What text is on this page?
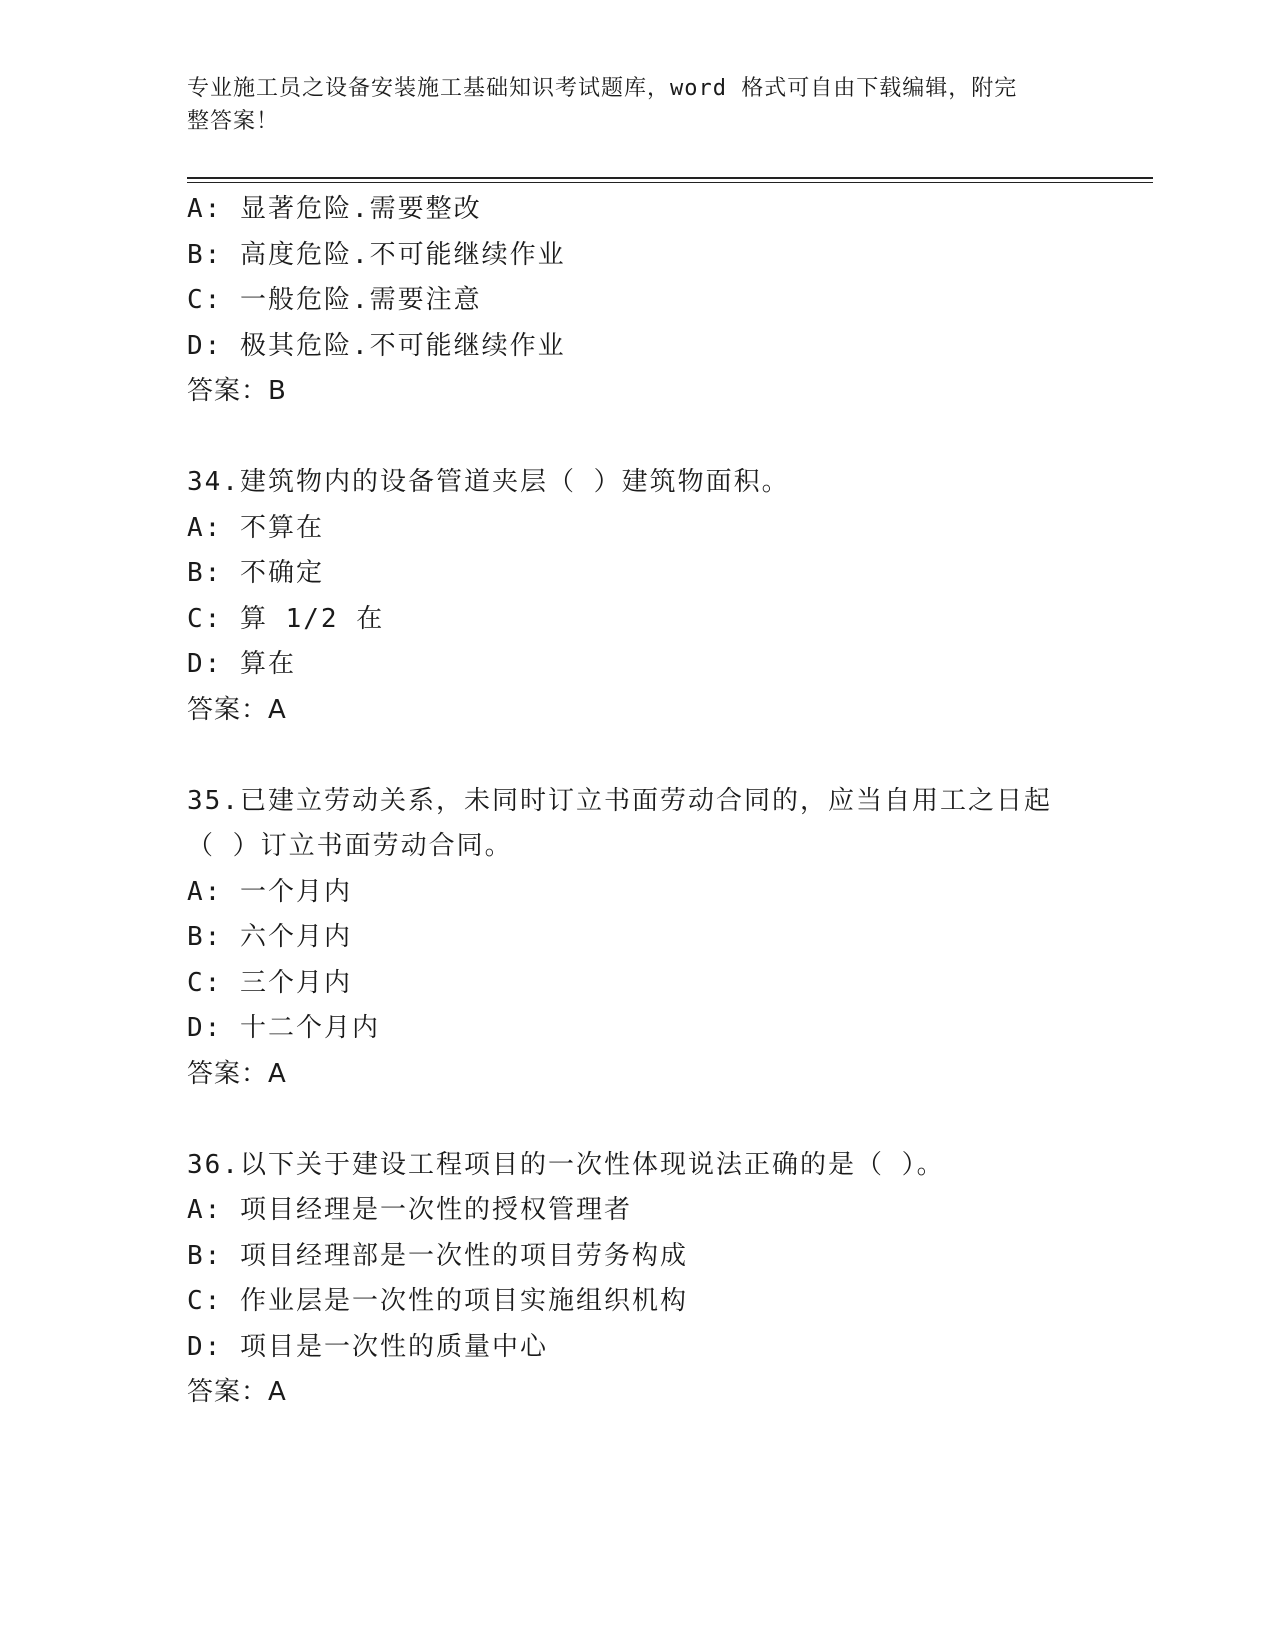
专业施工员之设备安装施工基础知识考试题库，word 格式可自由下载编辑，附完
整答案！
A: 显著危险.需要整改
B: 高度危险.不可能继续作业
C: 一般危险.需要注意
D: 极其危险.不可能继续作业
答案：B
34.建筑物内的设备管道夹层（ ）建筑物面积。
A: 不算在
B: 不确定
C: 算 1/2 在
D: 算在
答案：A
35.已建立劳动关系，未同时订立书面劳动合同的，应当自用工之日起
（ ）订立书面劳动合同。
A: 一个月内
B: 六个月内
C: 三个月内
D: 十二个月内
答案：A
36.以下关于建设工程项目的一次性体现说法正确的是（ ）。
A: 项目经理是一次性的授权管理者
B: 项目经理部是一次性的项目劳务构成
C: 作业层是一次性的项目实施组织机构
D: 项目是一次性的质量中心
答案：A
